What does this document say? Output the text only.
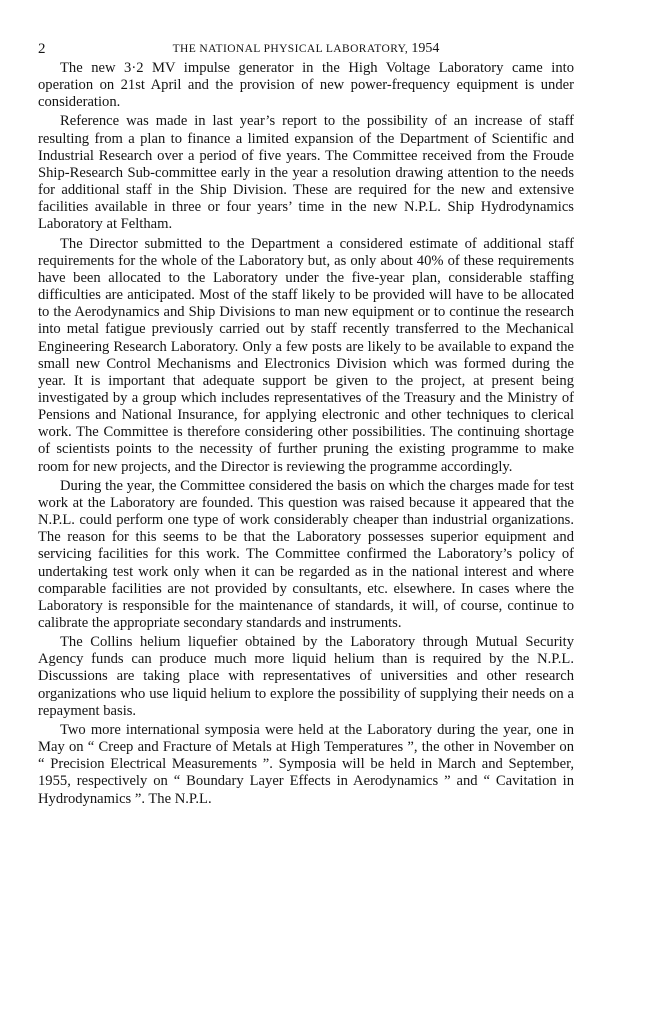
2	THE NATIONAL PHYSICAL LABORATORY, 1954

The new 3·2 MV impulse generator in the High Voltage Laboratory came into operation on 21st April and the provision of new power-frequency equipment is under consideration.

Reference was made in last year’s report to the possibility of an increase of staff resulting from a plan to finance a limited expansion of the Department of Scientific and Industrial Research over a period of five years. The Committee received from the Froude Ship-Research Sub-committee early in the year a resolution drawing attention to the needs for additional staff in the Ship Division. These are required for the new and extensive facilities available in three or four years’ time in the new N.P.L. Ship Hydrodynamics Laboratory at Feltham.

The Director submitted to the Department a considered estimate of additional staff requirements for the whole of the Laboratory but, as only about 40% of these requirements have been allocated to the Laboratory under the five-year plan, considerable staffing difficulties are anticipated. Most of the staff likely to be provided will have to be allocated to the Aerodynamics and Ship Divisions to man new equipment or to continue the research into metal fatigue previously carried out by staff recently transferred to the Mechanical Engineering Research Laboratory. Only a few posts are likely to be available to expand the small new Control Mechanisms and Electronics Division which was formed during the year. It is important that adequate support be given to the project, at present being investigated by a group which includes representatives of the Treasury and the Ministry of Pensions and National Insurance, for applying electronic and other techniques to clerical work. The Committee is therefore considering other possibilities. The continuing shortage of scientists points to the necessity of further pruning the existing programme to make room for new projects, and the Director is reviewing the programme accordingly.

During the year, the Committee considered the basis on which the charges made for test work at the Laboratory are founded. This question was raised because it appeared that the N.P.L. could perform one type of work considerably cheaper than industrial organizations. The reason for this seems to be that the Laboratory possesses superior equipment and servicing facilities for this work. The Committee confirmed the Laboratory’s policy of undertaking test work only when it can be regarded as in the national interest and where comparable facilities are not provided by consultants, etc. elsewhere. In cases where the Laboratory is responsible for the maintenance of standards, it will, of course, continue to calibrate the appropriate secondary standards and instruments.

The Collins helium liquefier obtained by the Laboratory through Mutual Security Agency funds can produce much more liquid helium than is required by the N.P.L. Discussions are taking place with representatives of universities and other research organizations who use liquid helium to explore the possibility of supplying their needs on a repayment basis.

Two more international symposia were held at the Laboratory during the year, one in May on “ Creep and Fracture of Metals at High Temperatures ”, the other in November on “ Precision Electrical Measurements ”. Symposia will be held in March and September, 1955, respectively on “ Boundary Layer Effects in Aerodynamics ” and “ Cavitation in Hydrodynamics ”. The N.P.L.
